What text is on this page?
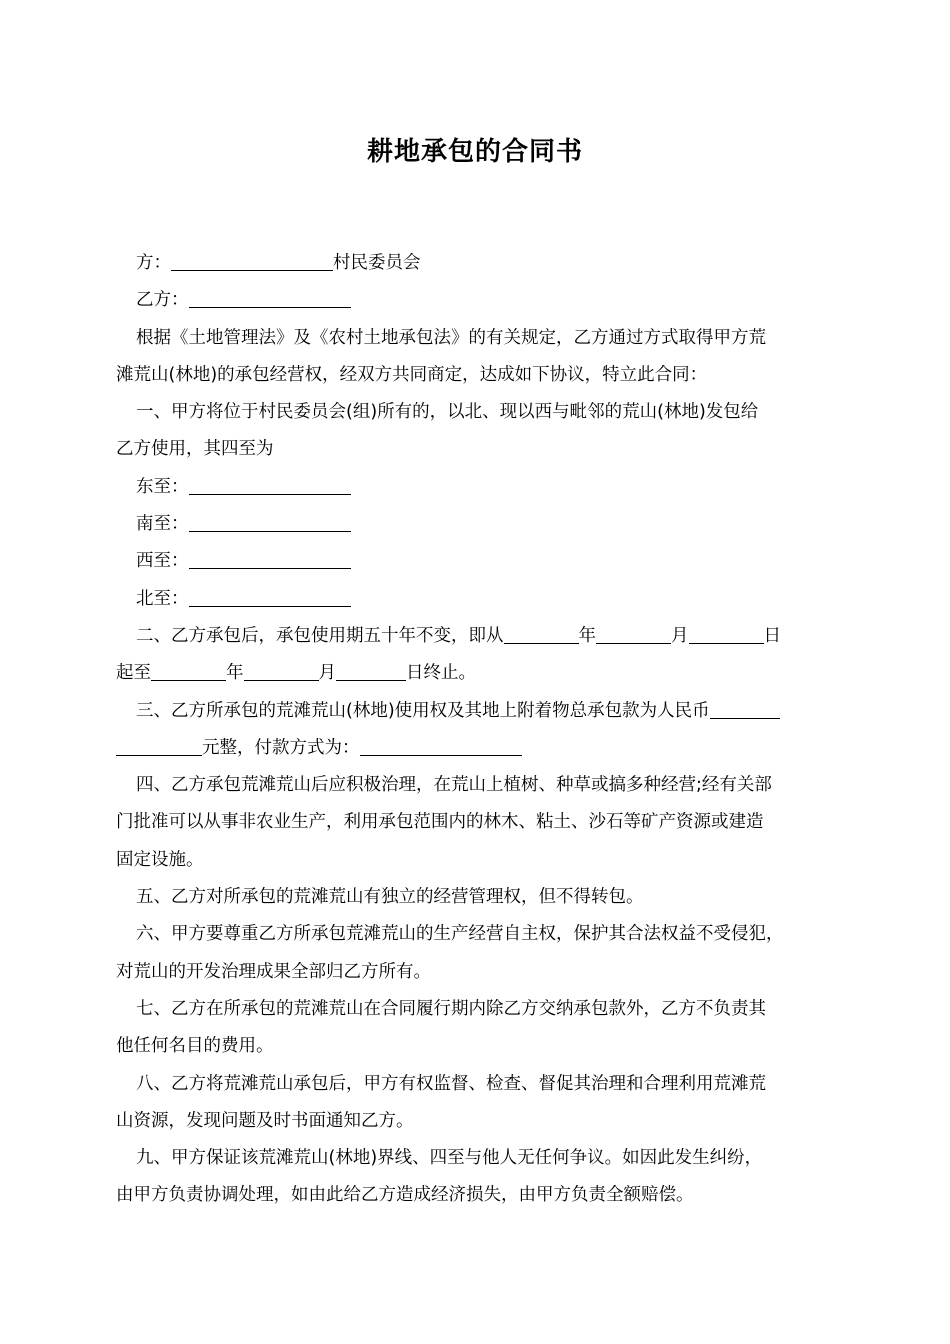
耕地承包的合同书
方：	村民委员会
乙方：
根据《土地管理法》及《农村土地承包法》的有关规定，乙方通过方式取得甲方荒
滩荒山(林地)的承包经营权，经双方共同商定，达成如下协议，特立此合同：
一、甲方将位于村民委员会(组)所有的，以北、现以西与毗邻的荒山(林地)发包给
乙方使用，其四至为
东至：
南至：
西至：
北至：
二、乙方承包后，承包使用期五十年不变，即从	年	月	日
起至	年	月	日终止。
三、乙方所承包的荒滩荒山(林地)使用权及其地上附着物总承包款为人民币
元整，付款方式为：
四、乙方承包荒滩荒山后应积极治理，在荒山上植树、种草或搞多种经营;经有关部
门批准可以从事非农业生产，利用承包范围内的林木、粘土、沙石等矿产资源或建造
固定设施。
五、乙方对所承包的荒滩荒山有独立的经营管理权，但不得转包。
六、甲方要尊重乙方所承包荒滩荒山的生产经营自主权，保护其合法权益不受侵犯，
对荒山的开发治理成果全部归乙方所有。
七、乙方在所承包的荒滩荒山在合同履行期内除乙方交纳承包款外，乙方不负责其
他任何名目的费用。
八、乙方将荒滩荒山承包后，甲方有权监督、检查、督促其治理和合理利用荒滩荒
山资源，发现问题及时书面通知乙方。
九、甲方保证该荒滩荒山(林地)界线、四至与他人无任何争议。如因此发生纠纷，
由甲方负责协调处理，如由此给乙方造成经济损失，由甲方负责全额赔偿。
